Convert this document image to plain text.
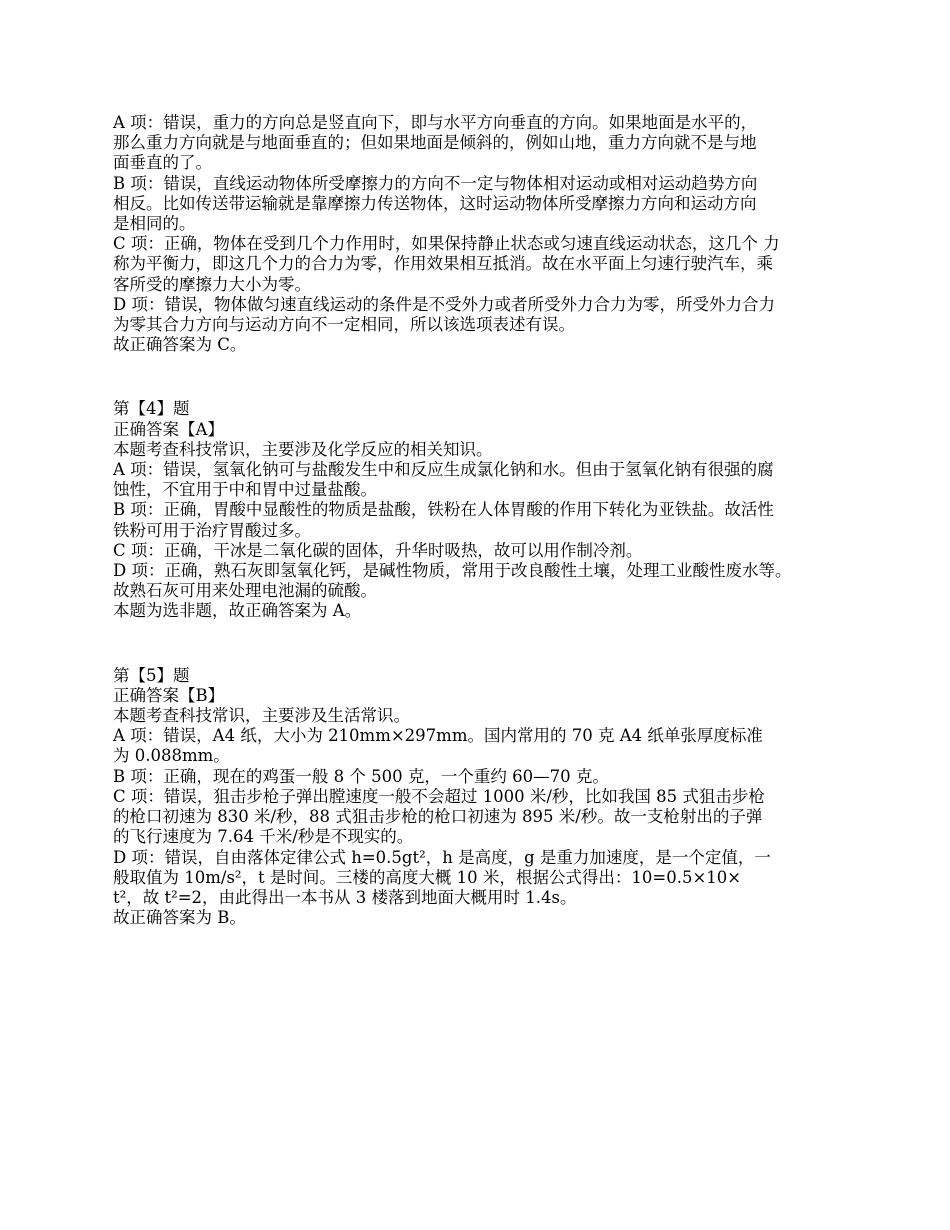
A 项：错误，重力的方向总是竖直向下，即与水平方向垂直的方向。如果地面是水平的，

那么重力方向就是与地面垂直的；但如果地面是倾斜的，例如山地，重力方向就不是与地

面垂直的了。

B 项：错误，直线运动物体所受摩擦力的方向不一定与物体相对运动或相对运动趋势方向

相反。比如传送带运输就是靠摩擦力传送物体，这时运动物体所受摩擦力方向和运动方向

是相同的。

C 项：正确，物体在受到几个力作用时，如果保持静止状态或匀速直线运动状态，这几个 力

称为平衡力，即这几个力的合力为零，作用效果相互抵消。故在水平面上匀速行驶汽车，乘

客所受的摩擦力大小为零。

D 项：错误，物体做匀速直线运动的条件是不受外力或者所受外力合力为零，所受外力合力

为零其合力方向与运动方向不一定相同，所以该选项表述有误。

故正确答案为 C。

第【4】题

正确答案【A】

本题考查科技常识，主要涉及化学反应的相关知识。

A 项：错误，氢氧化钠可与盐酸发生中和反应生成氯化钠和水。但由于氢氧化钠有很强的腐

蚀性，不宜用于中和胃中过量盐酸。

B 项：正确，胃酸中显酸性的物质是盐酸，铁粉在人体胃酸的作用下转化为亚铁盐。故活性

铁粉可用于治疗胃酸过多。

C 项：正确，干冰是二氧化碳的固体，升华时吸热，故可以用作制冷剂。

D 项：正确，熟石灰即氢氧化钙，是碱性物质，常用于改良酸性土壤，处理工业酸性废水等。

故熟石灰可用来处理电池漏的硫酸。

本题为选非题，故正确答案为 A。

第【5】题

正确答案【B】

本题考查科技常识，主要涉及生活常识。

A 项：错误，A4 纸，大小为 210mm×297mm。国内常用的 70 克 A4 纸单张厚度标准

为 0.088mm。

B 项：正确，现在的鸡蛋一般 8 个 500 克，一个重约 60—70 克。

C 项：错误，狙击步枪子弹出膛速度一般不会超过 1000 米/秒，比如我国 85 式狙击步枪

的枪口初速为 830 米/秒，88 式狙击步枪的枪口初速为 895 米/秒。故一支枪射出的子弹

的飞行速度为 7.64 千米/秒是不现实的。

D 项：错误，自由落体定律公式 h=0.5gt²，h 是高度，g 是重力加速度，是一个定值，一

般取值为 10m/s²，t 是时间。三楼的高度大概 10 米，根据公式得出：10=0.5×10×

t²，故 t²=2，由此得出一本书从 3 楼落到地面大概用时 1.4s。

故正确答案为 B。
